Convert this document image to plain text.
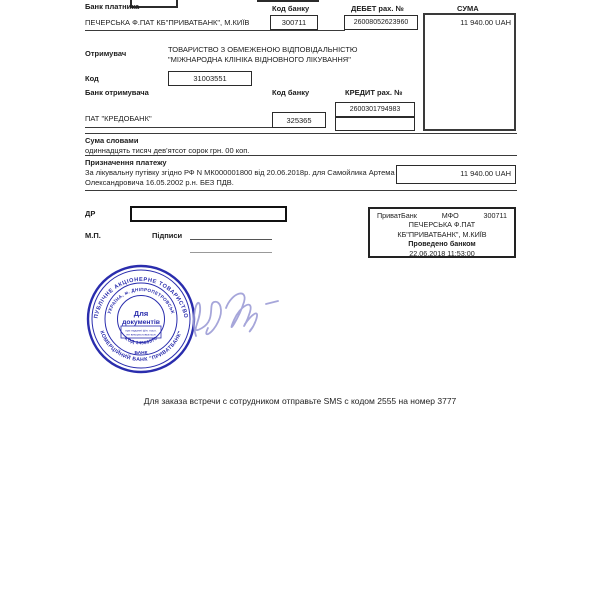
Банк платника	Код банку	ДЕБЕТ рах. №	СУМА
ПЕЧЕРСЬКА Ф.ПАТ КБ"ПРИВАТБАНК", М.КИЇВ	300711	26008052623960	11 940.00 UAH
Отримувач	ТОВАРИСТВО З ОБМЕЖЕНОЮ ВІДПОВІДАЛЬНІСТЮ
"МІЖНАРОДНА КЛІНІКА ВІДНОВНОГО ЛІКУВАННЯ"
Код	31003551
Банк отримувача	Код банку	КРЕДИТ рах. №
2600301794983
ПАТ "КРЕДОБАНК"	325365
Сума словами
одиннадцять тисяч дев'ятсот сорок грн. 00 коп.
Призначення платежу
За лікувальну путівку згідно РФ N МК000001800 від 20.06.2018р. для Самойлика Артема
Олександровича 16.05.2002 р.н. БЕЗ ПДВ.
11 940.00 UAH
ДР
М.П.	Підписи
ПриватБанк	МФО	300711
ПЕЧЕРСЬКА Ф.ПАТ
КБ"ПРИВАТБАНК", М.КИЇВ
Проведено банком
22.06.2018 11:53:00
ПУБЛІЧНЕ АКЦІОНЕРНЕ ТОВАРИСТВО
КОМЕРЦІЙНИЙ БАНК "ПРИВАТБАНК"
УКРАЇНА, м. ДНІПРОПЕТРОВСЬК
КОД 14360570
БАНК
Для
документів
при наданні фін. посл.
не використовується
Для заказа встречи с сотрудником отправьте SMS с кодом 2555 на номер 3777
